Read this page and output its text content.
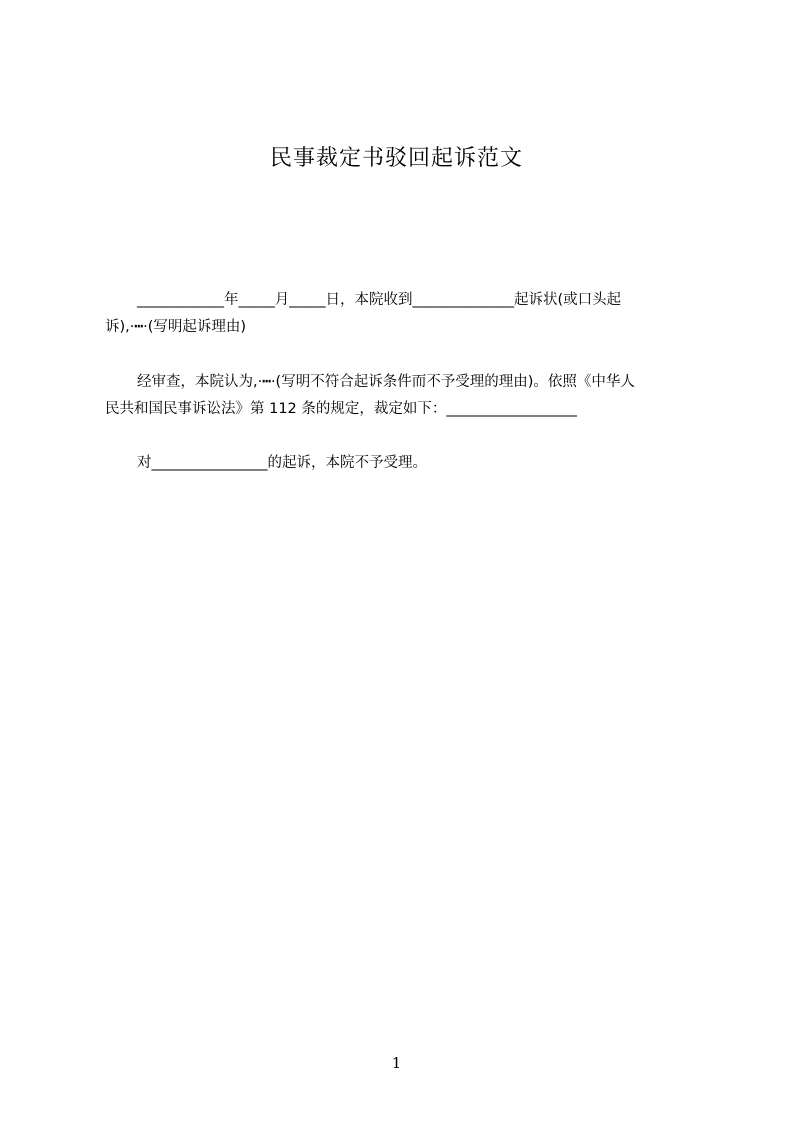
民事裁定书驳回起诉范文
____________年_____月_____日，本院收到______________起诉状(或口头起
诉),·┅·(写明起诉理由)
经审查，本院认为,·┅·(写明不符合起诉条件而不予受理的理由)。依照《中华人
民共和国民事诉讼法》第 112 条的规定，裁定如下：__________________
对________________的起诉，本院不予受理。
1
